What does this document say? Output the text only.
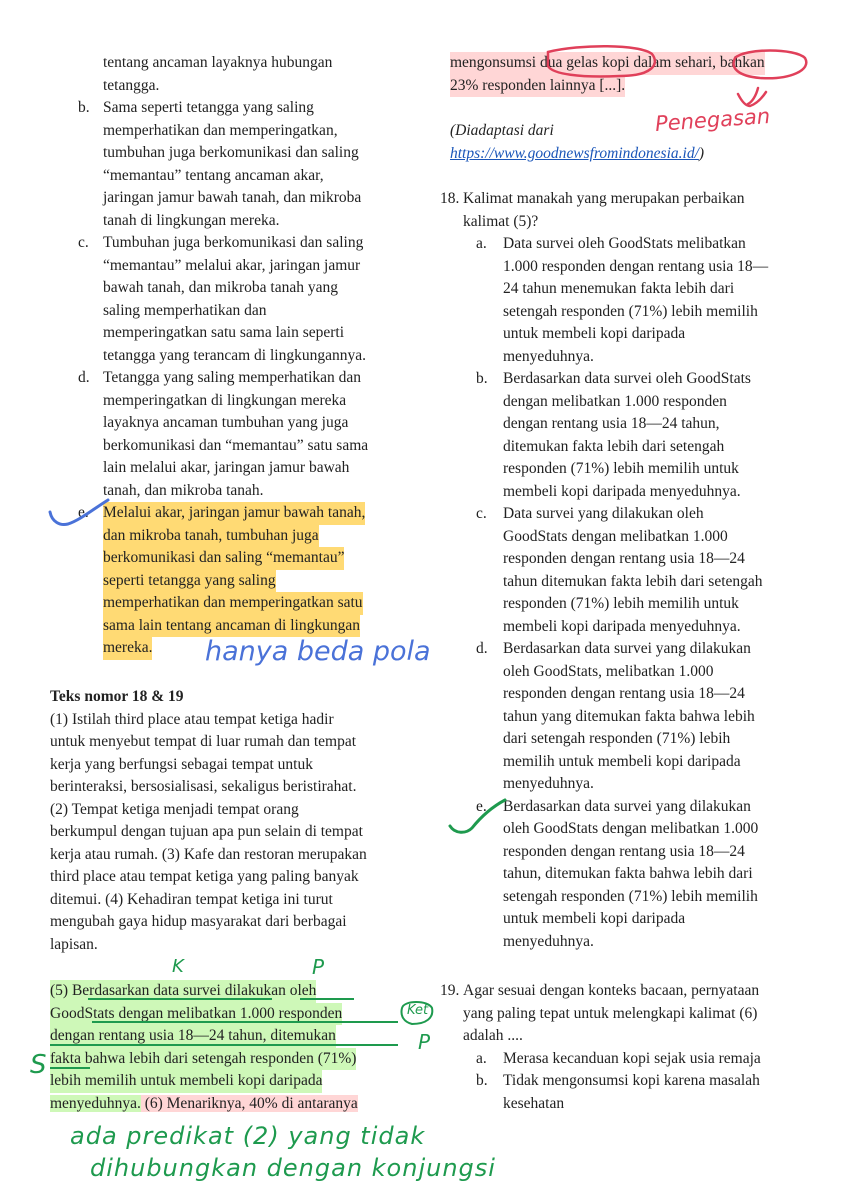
tentang ancaman layaknya hubungan
tetangga.
b. Sama seperti tetangga yang saling
memperhatikan dan memperingatkan,
tumbuhan juga berkomunikasi dan saling
“memantau” tentang ancaman akar,
jaringan jamur bawah tanah, dan mikroba
tanah di lingkungan mereka.
c. Tumbuhan juga berkomunikasi dan saling
“memantau” melalui akar, jaringan jamur
bawah tanah, dan mikroba tanah yang
saling memperhatikan dan
memperingatkan satu sama lain seperti
tetangga yang terancam di lingkungannya.
d. Tetangga yang saling memperhatikan dan
memperingatkan di lingkungan mereka
layaknya ancaman tumbuhan yang juga
berkomunikasi dan “memantau” satu sama
lain melalui akar, jaringan jamur bawah
tanah, dan mikroba tanah.
e. Melalui akar, jaringan jamur bawah tanah,
dan mikroba tanah, tumbuhan juga
berkomunikasi dan saling “memantau”
seperti tetangga yang saling
memperhatikan dan memperingatkan satu
sama lain tentang ancaman di lingkungan
mereka.
Teks nomor 18 & 19
(1) Istilah third place atau tempat ketiga hadir
untuk menyebut tempat di luar rumah dan tempat
kerja yang berfungsi sebagai tempat untuk
berinteraksi, bersosialisasi, sekaligus beristirahat.
(2) Tempat ketiga menjadi tempat orang
berkumpul dengan tujuan apa pun selain di tempat
kerja atau rumah. (3) Kafe dan restoran merupakan
third place atau tempat ketiga yang paling banyak
ditemui. (4) Kehadiran tempat ketiga ini turut
mengubah gaya hidup masyarakat dari berbagai
lapisan.
(5) Berdasarkan data survei dilakukan oleh
GoodStats dengan melibatkan 1.000 responden
dengan rentang usia 18—24 tahun, ditemukan
fakta bahwa lebih dari setengah responden (71%)
lebih memilih untuk membeli kopi daripada
menyeduhnya. (6) Menariknya, 40% di antaranya
mengonsumsi dua gelas kopi dalam sehari, bahkan
23% responden lainnya [...].
(Diadaptasi dari
https://www.goodnewsfromindonesia.id/)
18. Kalimat manakah yang merupakan perbaikan
kalimat (5)?
a. Data survei oleh GoodStats melibatkan
1.000 responden dengan rentang usia 18—
24 tahun menemukan fakta lebih dari
setengah responden (71%) lebih memilih
untuk membeli kopi daripada
menyeduhnya.
b. Berdasarkan data survei oleh GoodStats
dengan melibatkan 1.000 responden
dengan rentang usia 18—24 tahun,
ditemukan fakta lebih dari setengah
responden (71%) lebih memilih untuk
membeli kopi daripada menyeduhnya.
c. Data survei yang dilakukan oleh
GoodStats dengan melibatkan 1.000
responden dengan rentang usia 18—24
tahun ditemukan fakta lebih dari setengah
responden (71%) lebih memilih untuk
membeli kopi daripada menyeduhnya.
d. Berdasarkan data survei yang dilakukan
oleh GoodStats, melibatkan 1.000
responden dengan rentang usia 18—24
tahun yang ditemukan fakta bahwa lebih
dari setengah responden (71%) lebih
memilih untuk membeli kopi daripada
menyeduhnya.
e. Berdasarkan data survei yang dilakukan
oleh GoodStats dengan melibatkan 1.000
responden dengan rentang usia 18—24
tahun, ditemukan fakta bahwa lebih dari
setengah responden (71%) lebih memilih
untuk membeli kopi daripada
menyeduhnya.
19. Agar sesuai dengan konteks bacaan, pernyataan
yang paling tepat untuk melengkapi kalimat (6)
adalah ....
a. Merasa kecanduan kopi sejak usia remaja
b. Tidak mengonsumsi kopi karena masalah
kesehatan
hanya beda pola
Penegasan
K	P
Ket
P
S
ada predikat (2) yang tidak
dihubungkan dengan konjungsi
